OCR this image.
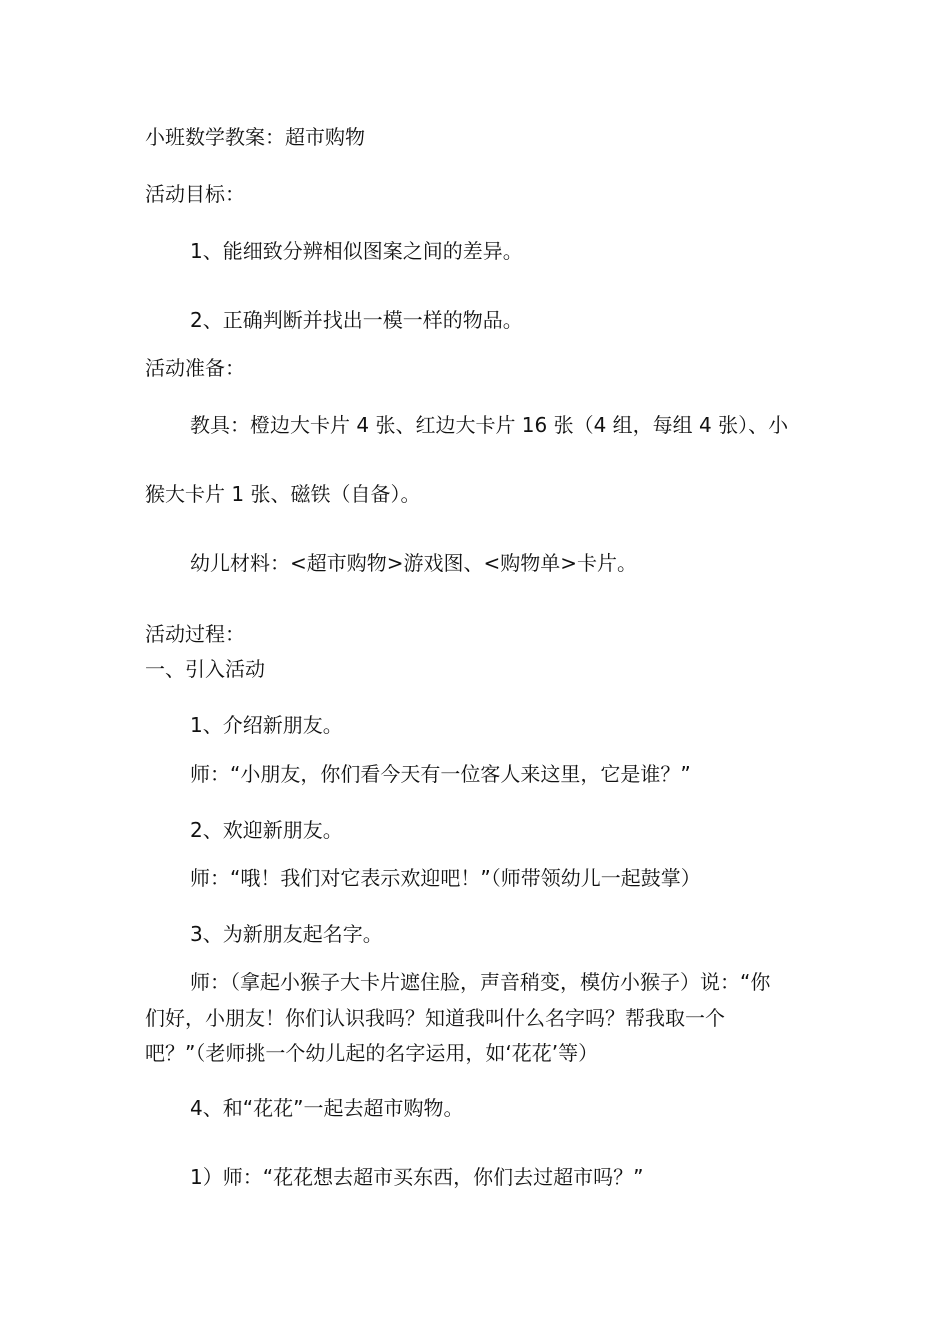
小班数学教案：超市购物
活动目标：
1、能细致分辨相似图案之间的差异。
2、正确判断并找出一模一样的物品。
活动准备：
教具：橙边大卡片 4 张、红边大卡片 16 张（4 组，每组 4 张）、小
猴大卡片 1 张、磁铁（自备）。
幼儿材料：<超市购物>游戏图、<购物单>卡片。
活动过程：
一、引入活动
1、介绍新朋友。
师：“小朋友，你们看今天有一位客人来这里，它是谁？”
2、欢迎新朋友。
师：“哦！我们对它表示欢迎吧！”（师带领幼儿一起鼓掌）
3、为新朋友起名字。
师：（拿起小猴子大卡片遮住脸，声音稍变，模仿小猴子）说：“你
们好，小朋友！你们认识我吗？知道我叫什么名字吗？帮我取一个
吧？”（老师挑一个幼儿起的名字运用，如‘花花’等）
4、和“花花”一起去超市购物。
1）师：“花花想去超市买东西，你们去过超市吗？”
